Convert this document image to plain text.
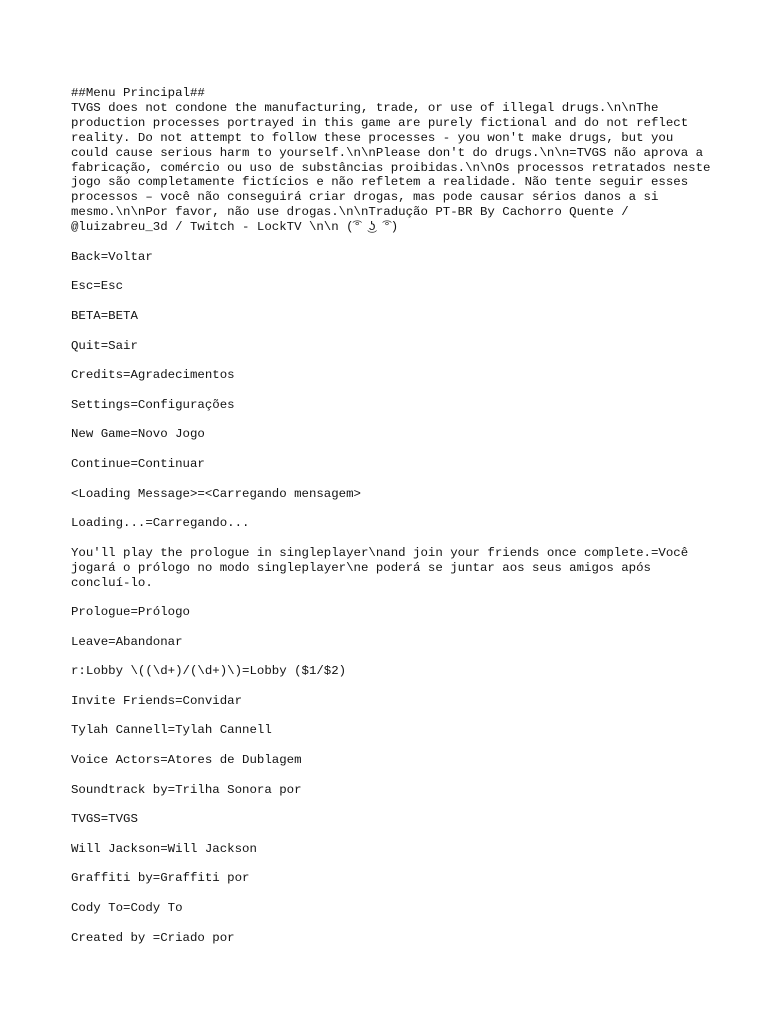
##Menu Principal##
TVGS does not condone the manufacturing, trade, or use of illegal drugs.\n\nThe production processes portrayed in this game are purely fictional and do not reflect reality. Do not attempt to follow these processes - you won't make drugs, but you could cause serious harm to yourself.\n\nPlease don't do drugs.\n\n=TVGS não aprova a fabricação, comércio ou uso de substâncias proibidas.\n\nOs processos retratados neste jogo são completamente fictícios e não refletem a realidade. Não tente seguir esses processos – você não conseguirá criar drogas, mas pode causar sérios danos a si mesmo.\n\nPor favor, não use drogas.\n\nTradução PT-BR By Cachorro Quente / @luizabreu_3d / Twitch - LockTV \n\n (͡° ͜ʖ ͡°)
Back=Voltar
Esc=Esc
BETA=BETA
Quit=Sair
Credits=Agradecimentos
Settings=Configurações
New Game=Novo Jogo
Continue=Continuar
<Loading Message>=<Carregando mensagem>
Loading...=Carregando...
You'll play the prologue in singleplayer\nand join your friends once complete.=Você jogará o prólogo no modo singleplayer\ne poderá se juntar aos seus amigos após concluí-lo.
Prologue=Prólogo
Leave=Abandonar
r:Lobby \((\d+)/(\d+)\)=Lobby ($1/$2)
Invite Friends=Convidar
Tylah Cannell=Tylah Cannell
Voice Actors=Atores de Dublagem
Soundtrack by=Trilha Sonora por
TVGS=TVGS
Will Jackson=Will Jackson
Graffiti by=Graffiti por
Cody To=Cody To
Created by =Criado por
